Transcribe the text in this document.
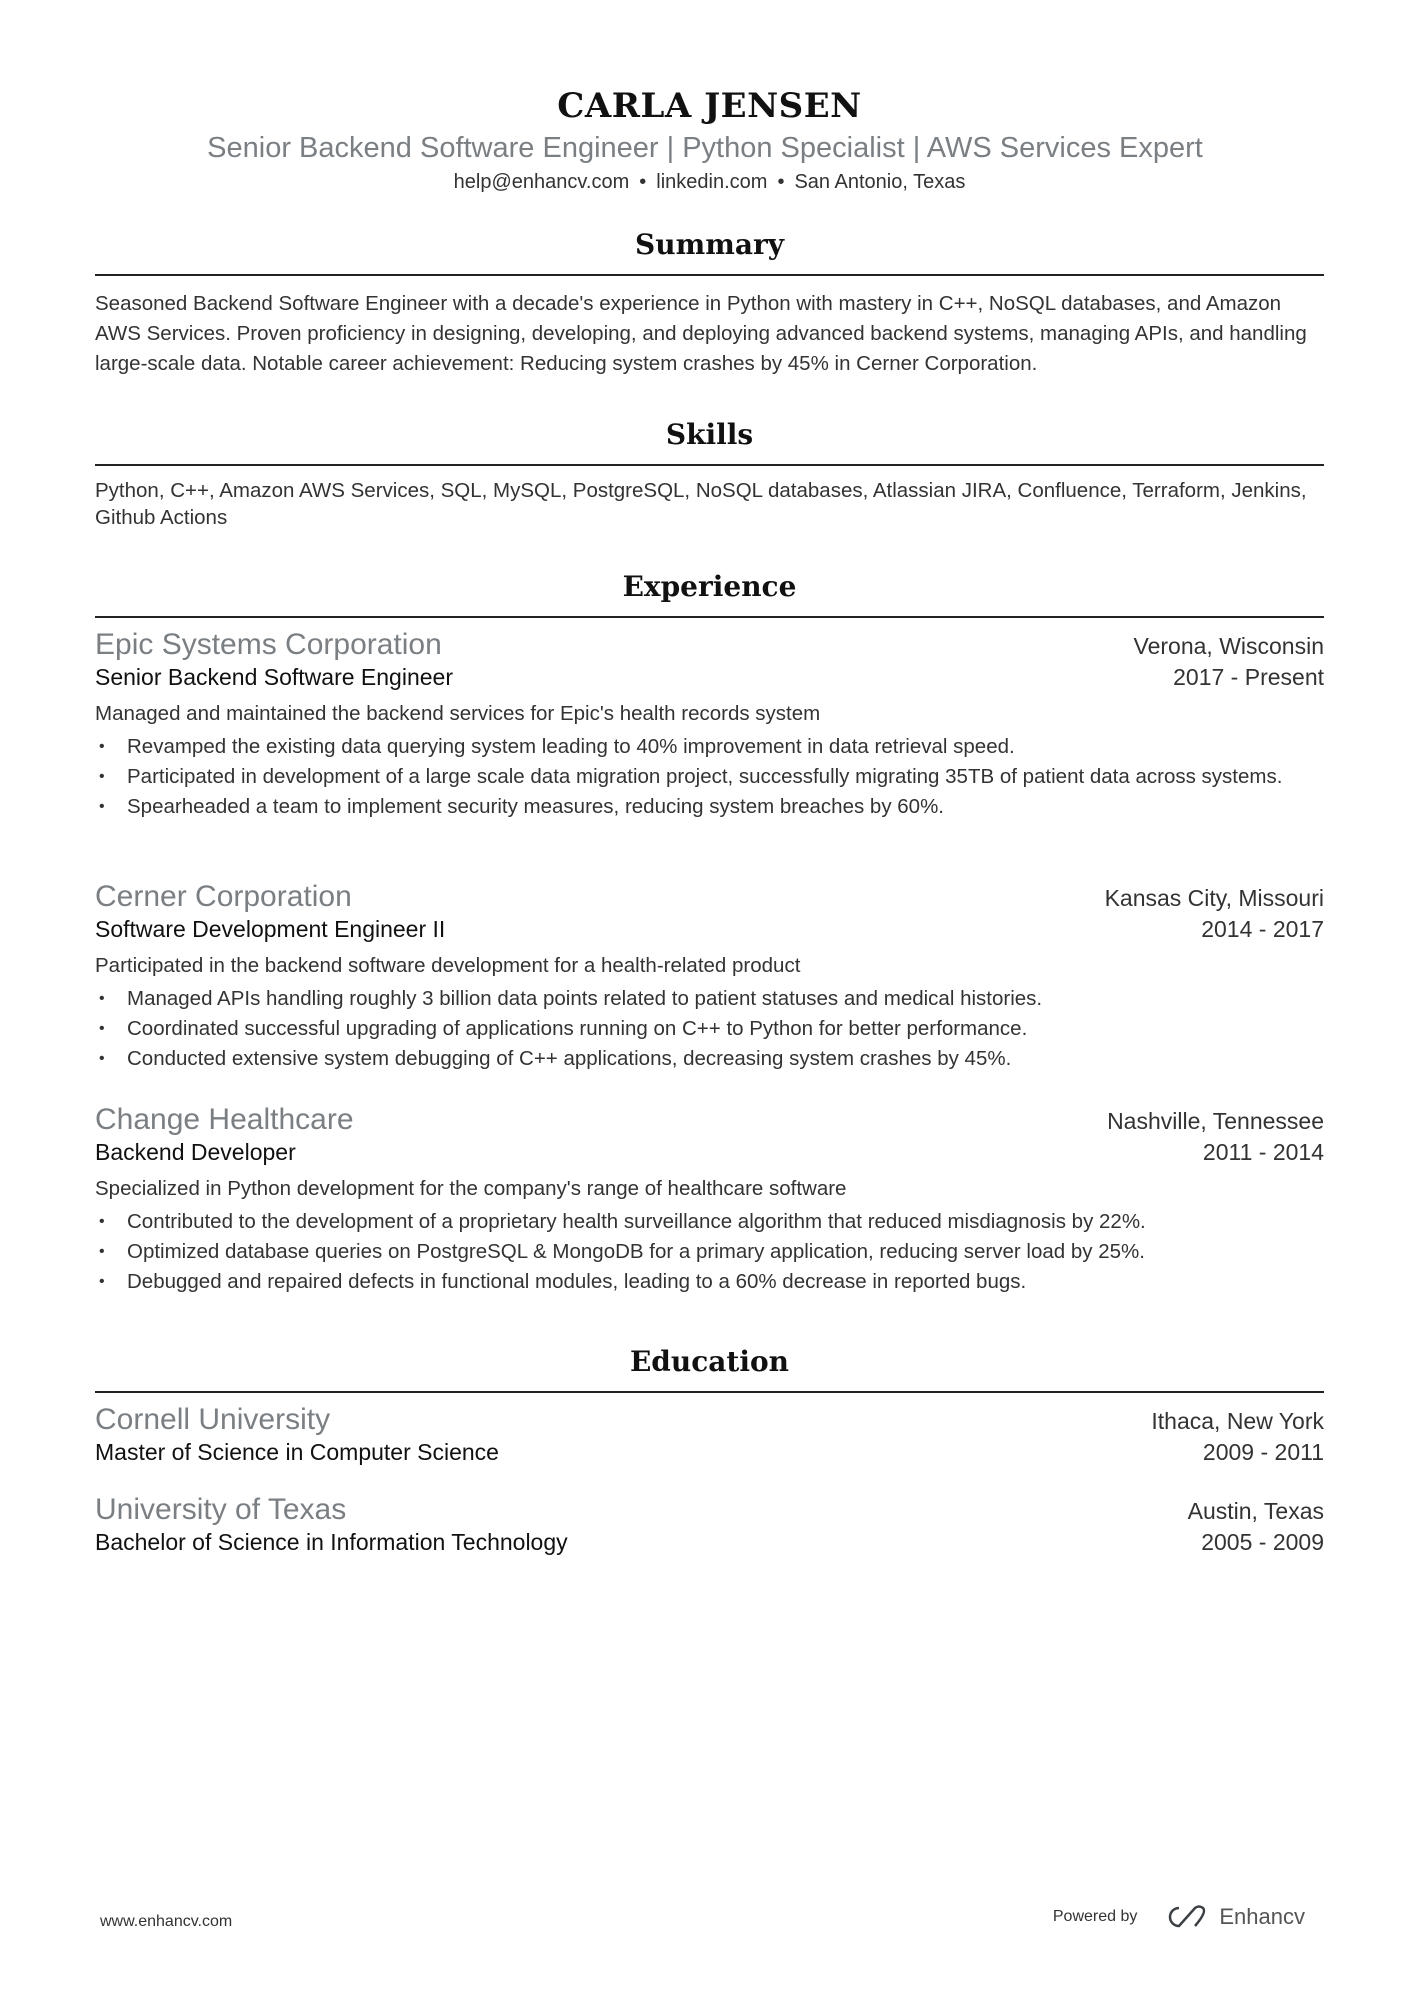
CARLA JENSEN
Senior Backend Software Engineer | Python Specialist | AWS Services Expert
help@enhancv.com • linkedin.com • San Antonio, Texas
Summary
Seasoned Backend Software Engineer with a decade's experience in Python with mastery in C++, NoSQL databases, and Amazon AWS Services. Proven proficiency in designing, developing, and deploying advanced backend systems, managing APIs, and handling large-scale data. Notable career achievement: Reducing system crashes by 45% in Cerner Corporation.
Skills
Python, C++, Amazon AWS Services, SQL, MySQL, PostgreSQL, NoSQL databases, Atlassian JIRA, Confluence, Terraform, Jenkins, Github Actions
Experience
Epic Systems Corporation	Verona, Wisconsin
Senior Backend Software Engineer	2017 - Present
Managed and maintained the backend services for Epic's health records system
• Revamped the existing data querying system leading to 40% improvement in data retrieval speed.
• Participated in development of a large scale data migration project, successfully migrating 35TB of patient data across systems.
• Spearheaded a team to implement security measures, reducing system breaches by 60%.
Cerner Corporation	Kansas City, Missouri
Software Development Engineer II	2014 - 2017
Participated in the backend software development for a health-related product
• Managed APIs handling roughly 3 billion data points related to patient statuses and medical histories.
• Coordinated successful upgrading of applications running on C++ to Python for better performance.
• Conducted extensive system debugging of C++ applications, decreasing system crashes by 45%.
Change Healthcare	Nashville, Tennessee
Backend Developer	2011 - 2014
Specialized in Python development for the company's range of healthcare software
• Contributed to the development of a proprietary health surveillance algorithm that reduced misdiagnosis by 22%.
• Optimized database queries on PostgreSQL & MongoDB for a primary application, reducing server load by 25%.
• Debugged and repaired defects in functional modules, leading to a 60% decrease in reported bugs.
Education
Cornell University	Ithaca, New York
Master of Science in Computer Science	2009 - 2011
University of Texas	Austin, Texas
Bachelor of Science in Information Technology	2005 - 2009
www.enhancv.com	Powered by	Enhancv
